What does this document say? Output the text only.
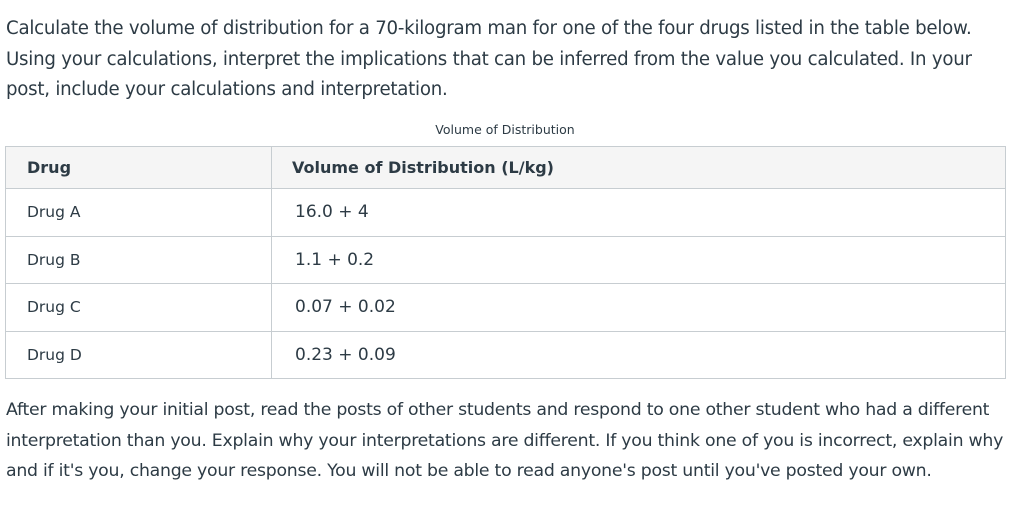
Calculate the volume of distribution for a 70-kilogram man for one of the four drugs listed in the table below. Using your calculations, interpret the implications that can be inferred from the value you calculated. In your post, include your calculations and interpretation.

Volume of Distribution
Drug	Volume of Distribution (L/kg)
Drug A	16.0 + 4
Drug B	1.1 + 0.2
Drug C	0.07 + 0.02
Drug D	0.23 + 0.09

After making your initial post, read the posts of other students and respond to one other student who had a different interpretation than you. Explain why your interpretations are different. If you think one of you is incorrect, explain why and if it's you, change your response. You will not be able to read anyone's post until you've posted your own.
